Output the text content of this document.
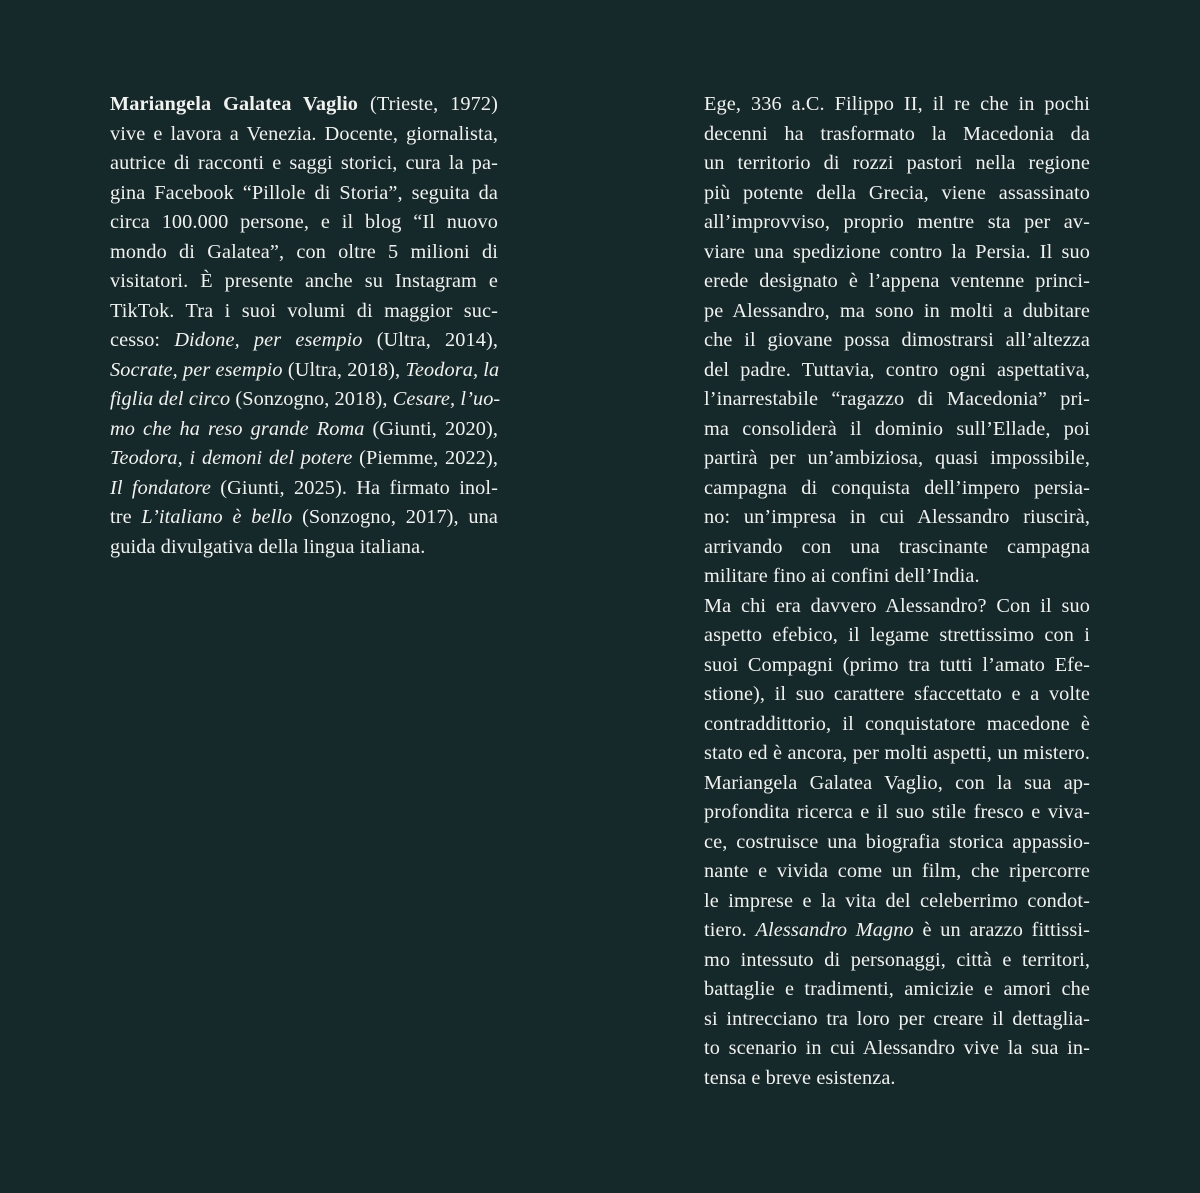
Mariangela Galatea Vaglio (Trieste, 1972)
vive e lavora a Venezia. Docente, giornalista,
autrice di racconti e saggi storici, cura la pa-
gina Facebook “Pillole di Storia”, seguita da
circa 100.000 persone, e il blog “Il nuovo
mondo di Galatea”, con oltre 5 milioni di
visitatori. È presente anche su Instagram e
TikTok. Tra i suoi volumi di maggior suc-
cesso: Didone, per esempio (Ultra, 2014),
Socrate, per esempio (Ultra, 2018), Teodora, la
figlia del circo (Sonzogno, 2018), Cesare, l’uo-
mo che ha reso grande Roma (Giunti, 2020),
Teodora, i demoni del potere (Piemme, 2022),
Il fondatore (Giunti, 2025). Ha firmato inol-
tre L’italiano è bello (Sonzogno, 2017), una
guida divulgativa della lingua italiana.
Ege, 336 a.C. Filippo II, il re che in pochi
decenni ha trasformato la Macedonia da
un territorio di rozzi pastori nella regione
più potente della Grecia, viene assassinato
all’improvviso, proprio mentre sta per av-
viare una spedizione contro la Persia. Il suo
erede designato è l’appena ventenne princi-
pe Alessandro, ma sono in molti a dubitare
che il giovane possa dimostrarsi all’altezza
del padre. Tuttavia, contro ogni aspettativa,
l’inarrestabile “ragazzo di Macedonia” pri-
ma consoliderà il dominio sull’Ellade, poi
partirà per un’ambiziosa, quasi impossibile,
campagna di conquista dell’impero persia-
no: un’impresa in cui Alessandro riuscirà,
arrivando con una trascinante campagna
militare fino ai confini dell’India.
Ma chi era davvero Alessandro? Con il suo
aspetto efebico, il legame strettissimo con i
suoi Compagni (primo tra tutti l’amato Efe-
stione), il suo carattere sfaccettato e a volte
contraddittorio, il conquistatore macedone è
stato ed è ancora, per molti aspetti, un mistero.
Mariangela Galatea Vaglio, con la sua ap-
profondita ricerca e il suo stile fresco e viva-
ce, costruisce una biografia storica appassio-
nante e vivida come un film, che ripercorre
le imprese e la vita del celeberrimo condot-
tiero. Alessandro Magno è un arazzo fittissi-
mo intessuto di personaggi, città e territori,
battaglie e tradimenti, amicizie e amori che
si intrecciano tra loro per creare il dettaglia-
to scenario in cui Alessandro vive la sua in-
tensa e breve esistenza.
